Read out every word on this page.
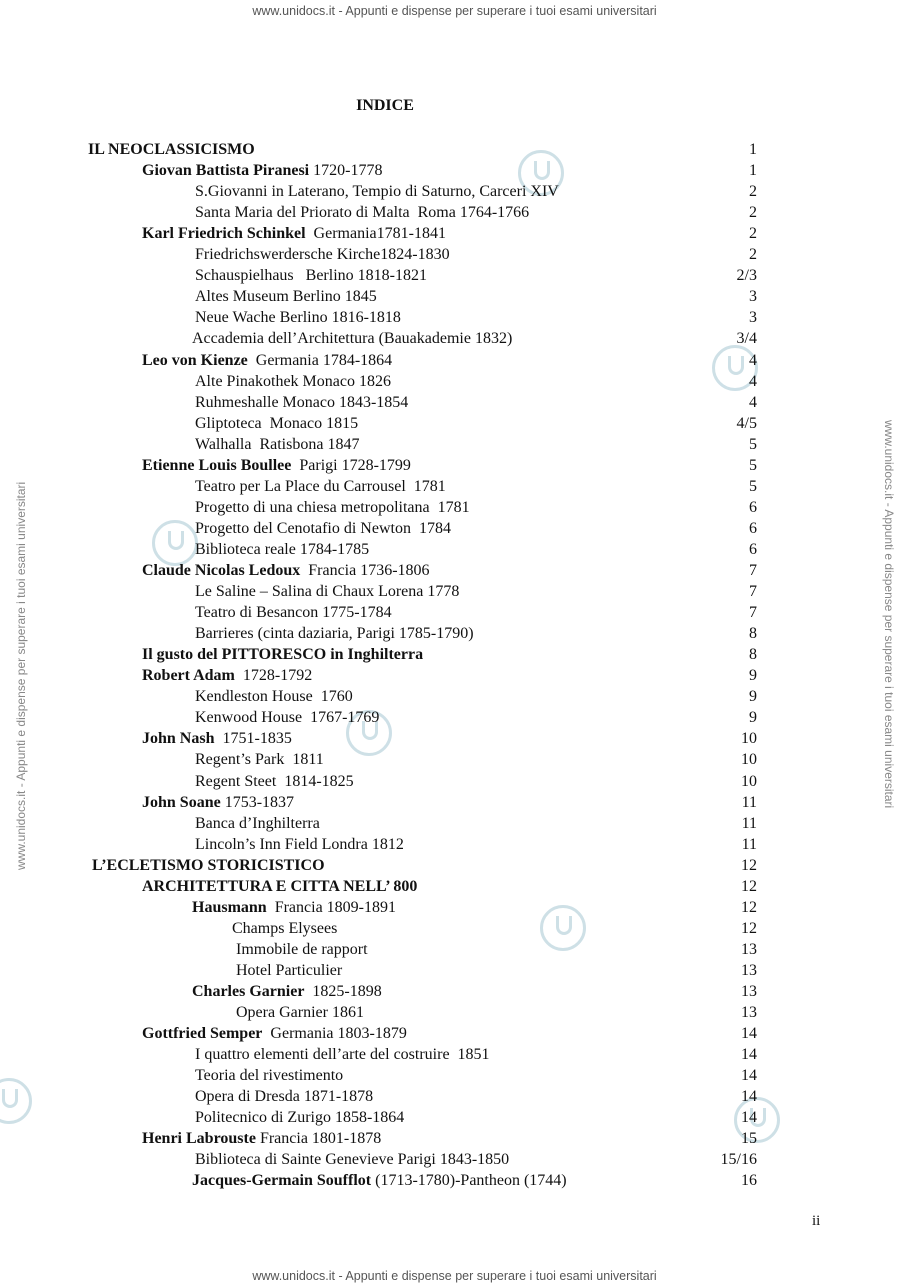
www.unidocs.it - Appunti e dispense per superare i tuoi esami universitari
www.unidocs.it - Appunti e dispense per superare i tuoi esami universitari
www.unidocs.it - Appunti e dispense per superare i tuoi esami universitari	www.unidocs.it - Appunti e dispense per superare i tuoi esami universitari
INDICE
IL NEOCLASSICISMO	1
Giovan Battista Piranesi 1720-1778	1
S.Giovanni in Laterano, Tempio di Saturno, Carceri XIV	2
Santa Maria del Priorato di Malta  Roma 1764-1766	2
Karl Friedrich Schinkel  Germania1781-1841	2
Friedrichswerdersche Kirche1824-1830	2
Schauspielhaus   Berlino 1818-1821	2/3
Altes Museum Berlino 1845	3
Neue Wache Berlino 1816-1818	3
Accademia dell’Architettura (Bauakademie 1832)	3/4
Leo von Kienze  Germania 1784-1864	4
Alte Pinakothek Monaco 1826	4
Ruhmeshalle Monaco 1843-1854	4
Gliptoteca  Monaco 1815	4/5
Walhalla  Ratisbona 1847	5
Etienne Louis Boullee  Parigi 1728-1799	5
Teatro per La Place du Carrousel  1781	5
Progetto di una chiesa metropolitana  1781	6
Progetto del Cenotafio di Newton  1784	6
Biblioteca reale 1784-1785	6
Claude Nicolas Ledoux  Francia 1736-1806	7
Le Saline – Salina di Chaux Lorena 1778	7
Teatro di Besancon 1775-1784	7
Barrieres (cinta daziaria, Parigi 1785-1790)	8
Il gusto del PITTORESCO in Inghilterra	8
Robert Adam  1728-1792	9
Kendleston House  1760	9
Kenwood House  1767-1769	9
John Nash  1751-1835	10
Regent’s Park  1811	10
Regent Steet  1814-1825	10
John Soane 1753-1837	11
Banca d’Inghilterra	11
Lincoln’s Inn Field Londra 1812	11
L’ECLETISMO STORICISTICO	12
ARCHITETTURA E CITTA NELL’ 800	12
Hausmann  Francia 1809-1891	12
Champs Elysees	12
Immobile de rapport	13
Hotel Particulier	13
Charles Garnier  1825-1898	13
Opera Garnier 1861	13
Gottfried Semper  Germania 1803-1879	14
I quattro elementi dell’arte del costruire  1851	14
Teoria del rivestimento	14
Opera di Dresda 1871-1878	14
Politecnico di Zurigo 1858-1864	14
Henri Labrouste Francia 1801-1878	15
Biblioteca di Sainte Genevieve Parigi 1843-1850	15/16
Jacques-Germain Soufflot (1713-1780)-Pantheon (1744)	16
ii
